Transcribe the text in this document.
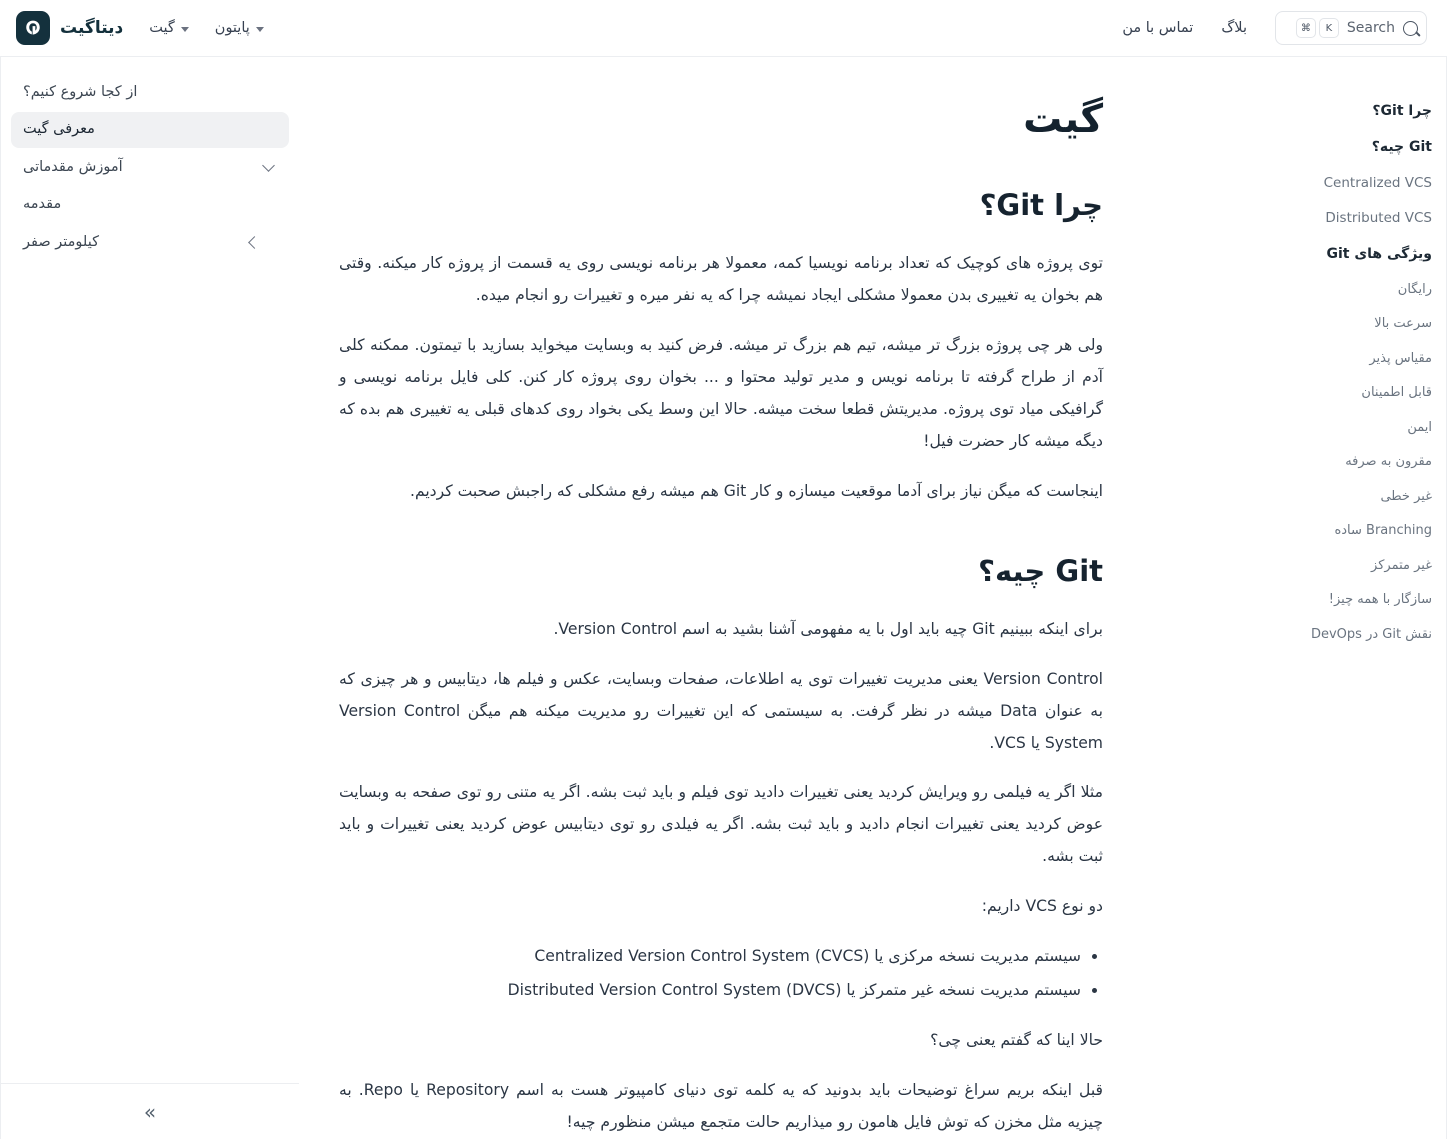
دیتاگیت گیت	پایتون	تماس با من بلاگ	Search
⌘	K
چرا Git؟
Git چیه؟
Centralized VCS
Distributed VCS
ویژگی های Git
رایگان
سرعت بالا
مقیاس پذیر
قابل اطمینان
ایمن
مقرون به صرفه
غیر خطی
Branching ساده
غیر متمرکز
سازگار با همه چیز!
نقش Git در DevOps
گیت
چرا Git؟

توی پروژه های کوچیک که تعداد برنامه نویسیا کمه، معمولا هر برنامه نویسی روی یه قسمت از پروژه کار میکنه. وقتی هم بخوان یه تغییری بدن معمولا مشکلی ایجاد نمیشه چرا که یه نفر میره و تغییرات رو انجام میده.

ولی هر چی پروژه بزرگ تر میشه، تیم هم بزرگ تر میشه. فرض کنید به وبسایت میخواید بسازید با تیمتون. ممکنه کلی آدم از طراح گرفته تا برنامه نویس و مدیر تولید محتوا و ... بخوان روی پروژه کار کنن. کلی فایل برنامه نویسی و گرافیکی میاد توی پروژه. مدیریتش قطعا سخت میشه. حالا این وسط یکی بخواد روی کدهای قبلی یه تغییری هم بده که دیگه میشه کار حضرت فیل!

اینجاست که میگن نیاز برای آدما موقعیت میسازه و کار Git هم میشه رفع مشکلی که راجبش صحبت کردیم.

Git چیه؟

برای اینکه ببینیم Git چیه باید اول با یه مفهومی آشنا بشید به اسم Version Control.

Version Control یعنی مدیریت تغییرات توی یه اطلاعات، صفحات وبسایت، عکس و فیلم ها، دیتابیس و هر چیزی که به عنوان Data میشه در نظر گرفت. به سیستمی که این تغییرات رو مدیریت میکنه هم میگن Version Control System یا VCS.

مثلا اگر یه فیلمی رو ویرایش کردید یعنی تغییرات دادید توی فیلم و باید ثبت بشه. اگر یه متنی رو توی صفحه به وبسایت عوض کردید یعنی تغییرات انجام دادید و باید ثبت بشه. اگر یه فیلدی رو توی دیتابیس عوض کردید یعنی تغییرات و باید ثبت بشه.

دو نوع VCS داریم:

• سیستم مدیریت نسخه مرکزی یا Centralized Version Control System (CVCS)
• سیستم مدیریت نسخه غیر متمرکز یا Distributed Version Control System (DVCS)

حالا اینا که گفتم یعنی چی؟

قبل اینکه بریم سراغ توضیحات باید بدونید که یه کلمه توی دنیای کامپیوتر هست به اسم Repository یا Repo. به چیزیه مثل مخزن که توش فایل هامون رو میذاریم حالت متجمع میشن منظورم چیه!

از کجا شروع کنیم؟
معرفی گیت
آموزش مقدماتی
مقدمه
کیلومتر صفر
»
